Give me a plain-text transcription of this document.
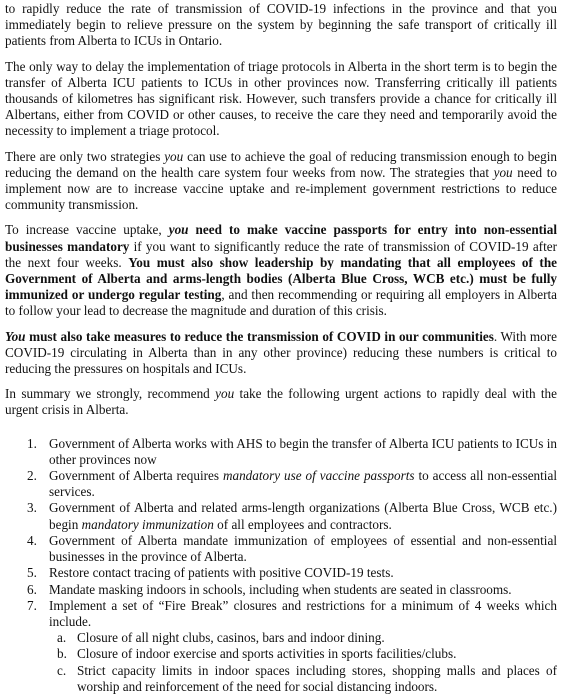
to rapidly reduce the rate of transmission of COVID-19 infections in the province and that you immediately begin to relieve pressure on the system by beginning the safe transport of critically ill patients from Alberta to ICUs in Ontario.

The only way to delay the implementation of triage protocols in Alberta in the short term is to begin the transfer of Alberta ICU patients to ICUs in other provinces now. Transferring critically ill patients thousands of kilometres has significant risk. However, such transfers provide a chance for critically ill Albertans, either from COVID or other causes, to receive the care they need and temporarily avoid the necessity to implement a triage protocol.

There are only two strategies you can use to achieve the goal of reducing transmission enough to begin reducing the demand on the health care system four weeks from now. The strategies that you need to implement now are to increase vaccine uptake and re-implement government restrictions to reduce community transmission.

To increase vaccine uptake, you need to make vaccine passports for entry into non-essential businesses mandatory if you want to significantly reduce the rate of transmission of COVID-19 after the next four weeks. You must also show leadership by mandating that all employees of the Government of Alberta and arms-length bodies (Alberta Blue Cross, WCB etc.) must be fully immunized or undergo regular testing, and then recommending or requiring all employers in Alberta to follow your lead to decrease the magnitude and duration of this crisis.

You must also take measures to reduce the transmission of COVID in our communities. With more COVID-19 circulating in Alberta than in any other province) reducing these numbers is critical to reducing the pressures on hospitals and ICUs.

In summary we strongly, recommend you take the following urgent actions to rapidly deal with the urgent crisis in Alberta.

1. Government of Alberta works with AHS to begin the transfer of Alberta ICU patients to ICUs in other provinces now
2. Government of Alberta requires mandatory use of vaccine passports to access all non-essential services.
3. Government of Alberta and related arms-length organizations (Alberta Blue Cross, WCB etc.) begin mandatory immunization of all employees and contractors.
4. Government of Alberta mandate immunization of employees of essential and non-essential businesses in the province of Alberta.
5. Restore contact tracing of patients with positive COVID-19 tests.
6. Mandate masking indoors in schools, including when students are seated in classrooms.
7. Implement a set of “Fire Break” closures and restrictions for a minimum of 4 weeks which include.
a. Closure of all night clubs, casinos, bars and indoor dining.
b. Closure of indoor exercise and sports activities in sports facilities/clubs.
c. Strict capacity limits in indoor spaces including stores, shopping malls and places of worship and reinforcement of the need for social distancing indoors.
